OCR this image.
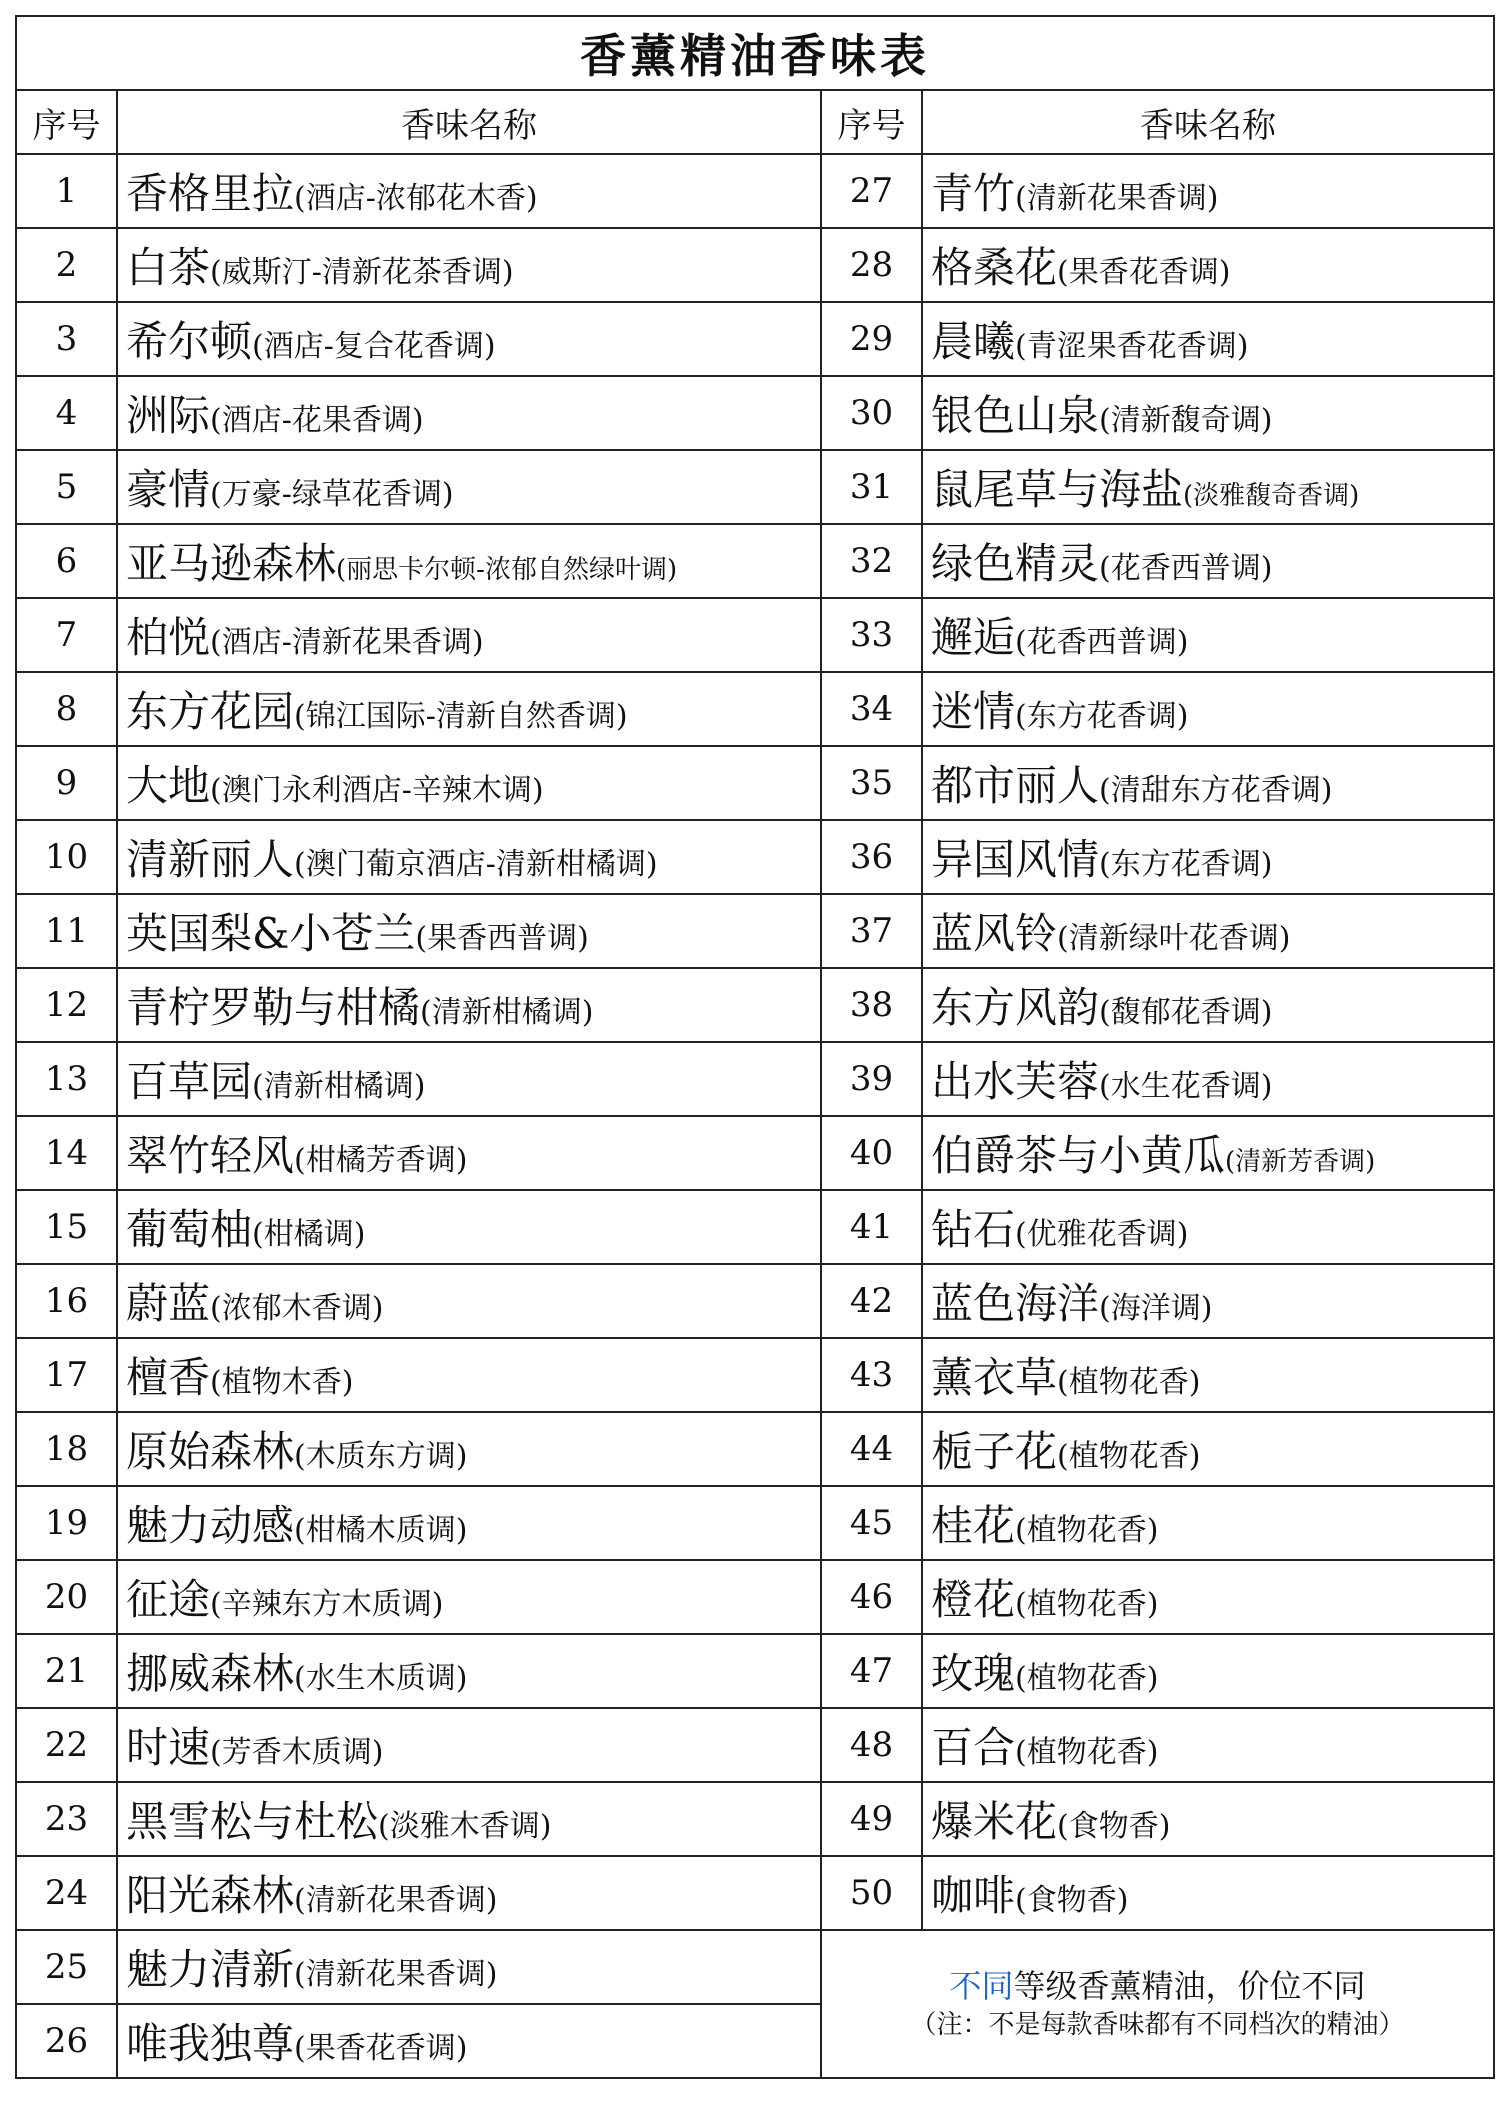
香薰精油香味表			
序号	香味名称	序号	香味名称
1	香格里拉(酒店-浓郁花木香)	27	青竹(清新花果香调)
2	白茶(威斯汀-清新花茶香调)	28	格桑花(果香花香调)
3	希尔顿(酒店-复合花香调)	29	晨曦(青涩果香花香调)
4	洲际(酒店-花果香调)	30	银色山泉(清新馥奇调)
5	豪情(万豪-绿草花香调)	31	鼠尾草与海盐(淡雅馥奇香调)
6	亚马逊森林(丽思卡尔顿-浓郁自然绿叶调)	32	绿色精灵(花香西普调)
7	柏悦(酒店-清新花果香调)	33	邂逅(花香西普调)
8	东方花园(锦江国际-清新自然香调)	34	迷情(东方花香调)
9	大地(澳门永利酒店-辛辣木调)	35	都市丽人(清甜东方花香调)
10	清新丽人(澳门葡京酒店-清新柑橘调)	36	异国风情(东方花香调)
11	英国梨&小苍兰(果香西普调)	37	蓝风铃(清新绿叶花香调)
12	青柠罗勒与柑橘(清新柑橘调)	38	东方风韵(馥郁花香调)
13	百草园(清新柑橘调)	39	出水芙蓉(水生花香调)
14	翠竹轻风(柑橘芳香调)	40	伯爵茶与小黄瓜(清新芳香调)
15	葡萄柚(柑橘调)	41	钻石(优雅花香调)
16	蔚蓝(浓郁木香调)	42	蓝色海洋(海洋调)
17	檀香(植物木香)	43	薰衣草(植物花香)
18	原始森林(木质东方调)	44	栀子花(植物花香)
19	魅力动感(柑橘木质调)	45	桂花(植物花香)
20	征途(辛辣东方木质调)	46	橙花(植物花香)
21	挪威森林(水生木质调)	47	玫瑰(植物花香)
22	时速(芳香木质调)	48	百合(植物花香)
23	黑雪松与杜松(淡雅木香调)	49	爆米花(食物香)
24	阳光森林(清新花果香调)	50	咖啡(食物香)
25	魅力清新(清新花果香调)	不同等级香薰精油，价位不同
（注：不是每款香味都有不同档次的精油）	

26	唯我独尊(果香花香调)		
